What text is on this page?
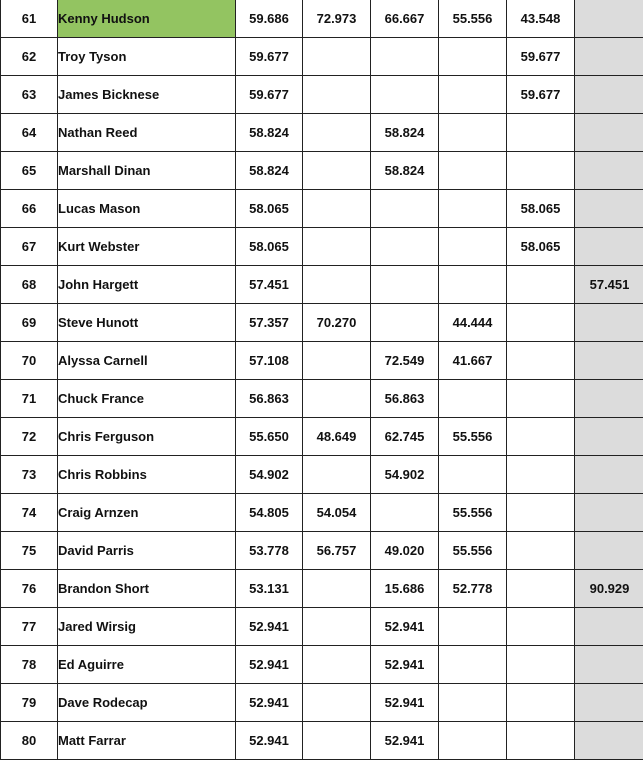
61	Kenny Hudson	59.686	72.973	66.667	55.556	43.548	
62	Troy Tyson	59.677				59.677	
63	James Bicknese	59.677				59.677	
64	Nathan Reed	58.824		58.824			
65	Marshall Dinan	58.824		58.824			
66	Lucas Mason	58.065				58.065	
67	Kurt Webster	58.065				58.065	
68	John Hargett	57.451					57.451
69	Steve Hunott	57.357	70.270		44.444		
70	Alyssa Carnell	57.108		72.549	41.667		
71	Chuck France	56.863		56.863			
72	Chris Ferguson	55.650	48.649	62.745	55.556		
73	Chris Robbins	54.902		54.902			
74	Craig Arnzen	54.805	54.054		55.556		
75	David Parris	53.778	56.757	49.020	55.556		
76	Brandon Short	53.131		15.686	52.778		90.929
77	Jared Wirsig	52.941		52.941			
78	Ed Aguirre	52.941		52.941			
79	Dave Rodecap	52.941		52.941			
80	Matt Farrar	52.941		52.941			
